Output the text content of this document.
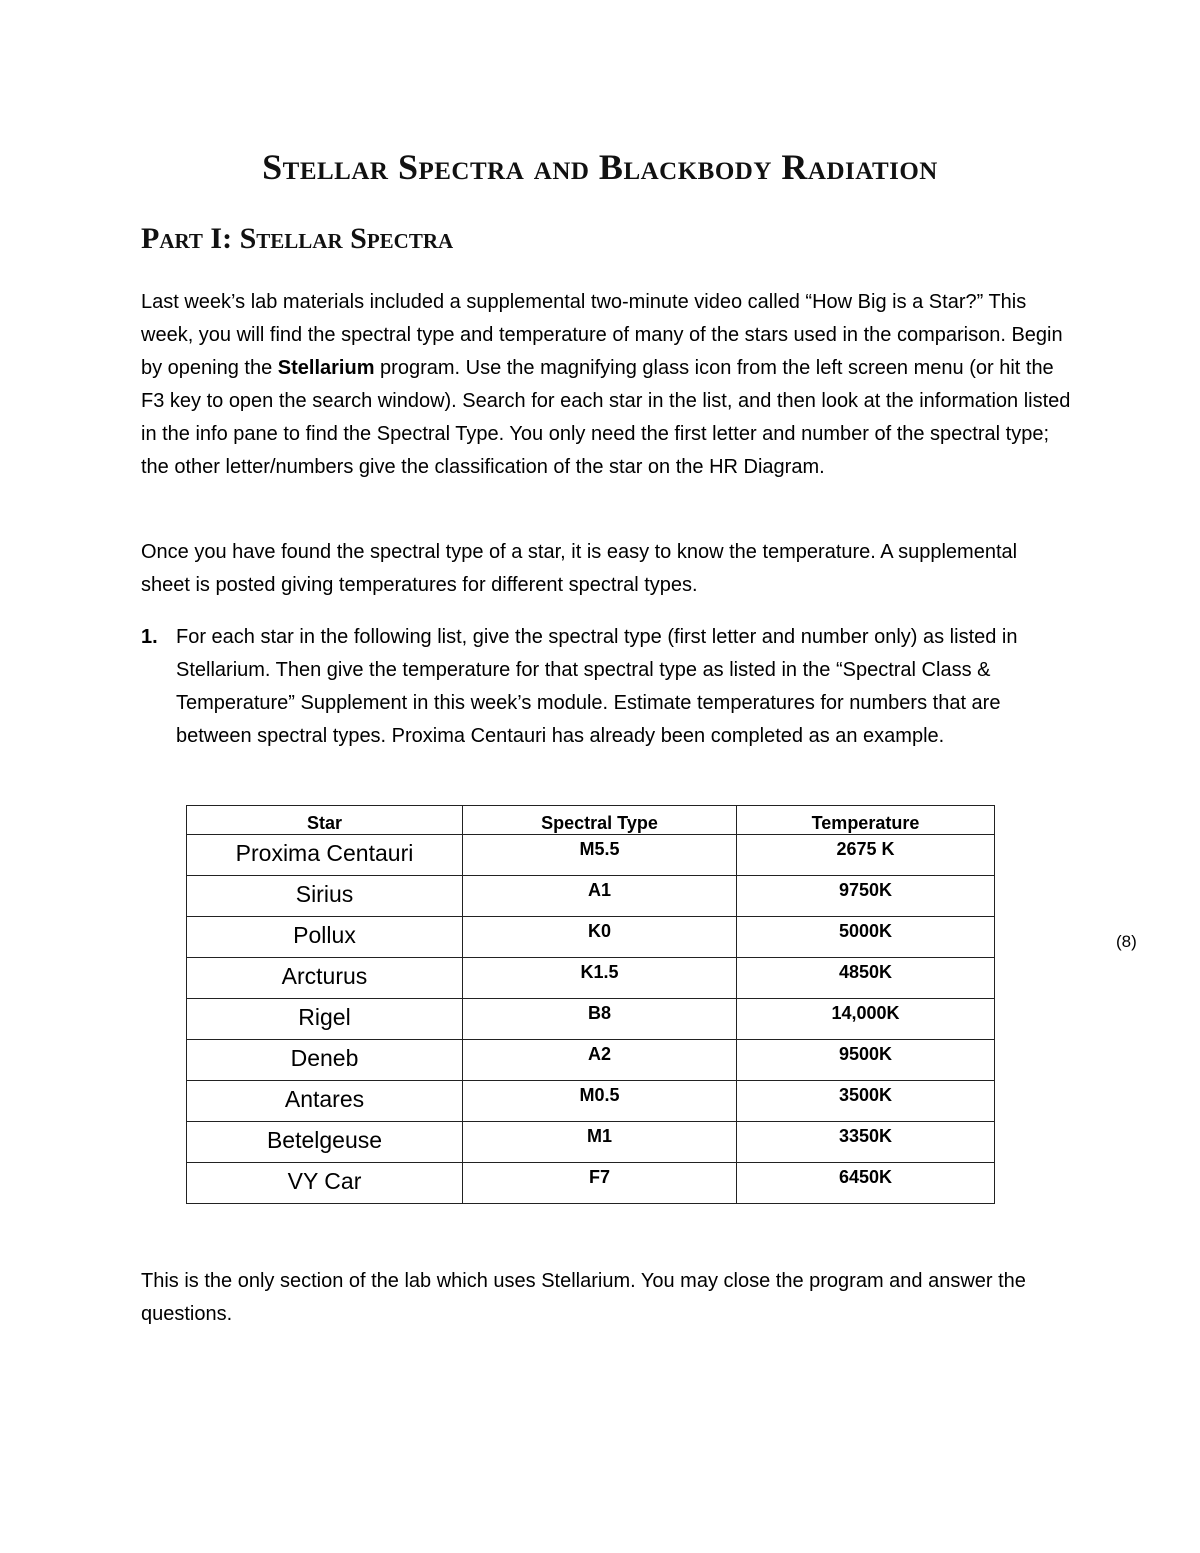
Stellar Spectra and Blackbody Radiation
Part I: Stellar Spectra

Last week’s lab materials included a supplemental two-minute video called “How Big is a Star?” This week, you will find the spectral type and temperature of many of the stars used in the comparison. Begin by opening the Stellarium program. Use the magnifying glass icon from the left screen menu (or hit the F3 key to open the search window). Search for each star in the list, and then look at the information listed in the info pane to find the Spectral Type. You only need the first letter and number of the spectral type; the other letter/numbers give the classification of the star on the HR Diagram.

Once you have found the spectral type of a star, it is easy to know the temperature. A supplemental sheet is posted giving temperatures for different spectral types.

1. For each star in the following list, give the spectral type (first letter and number only) as listed in Stellarium. Then give the temperature for that spectral type as listed in the “Spectral Class & Temperature” Supplement in this week’s module. Estimate temperatures for numbers that are between spectral types. Proxima Centauri has already been completed as an example.
(8)
Star	Spectral Type	Temperature
Proxima Centauri	M5.5	2675 K
Sirius	A1	9750K
Pollux	K0	5000K
Arcturus	K1.5	4850K
Rigel	B8	14,000K
Deneb	A2	9500K
Antares	M0.5	3500K
Betelgeuse	M1	3350K
VY Car	F7	6450K

This is the only section of the lab which uses Stellarium. You may close the program and answer the questions.
